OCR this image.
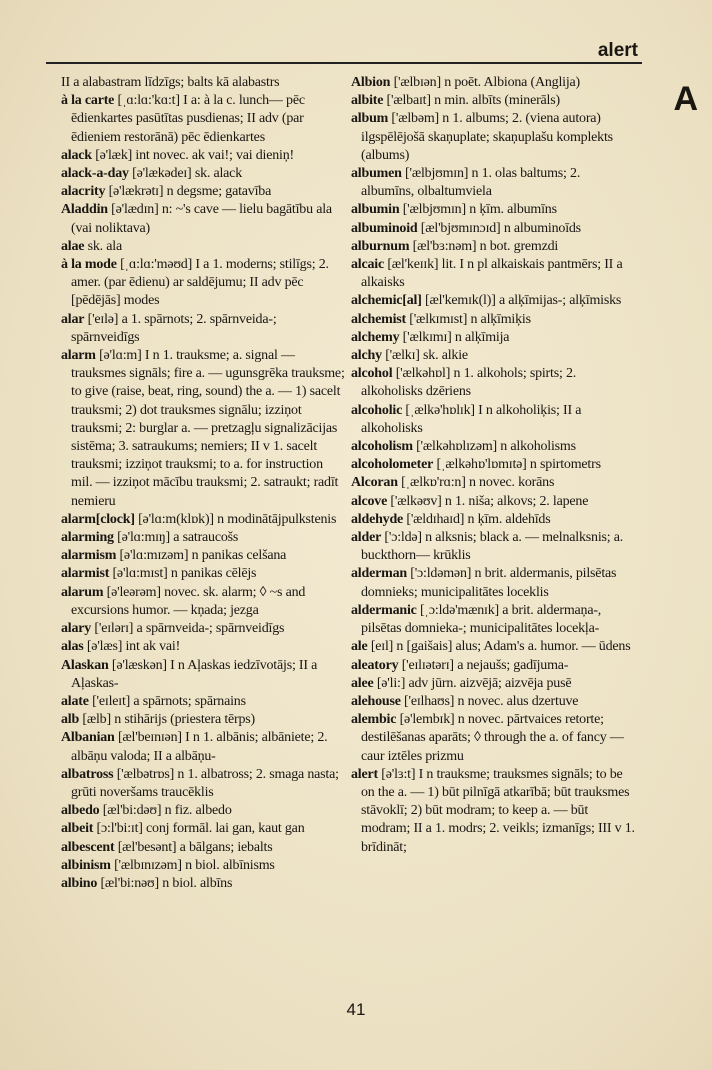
alert
A

II a alabastram līdzīgs; balts kā alabastrs

à la carte [ˌɑ:lɑ:'kɑ:t] I a: à la c. lunch— pēc ēdienkartes pasūtītas pusdienas; II adv (par ēdieniem restorānā) pēc ēdienkartes

alack [ə'læk] int novec. ak vai!; vai dieniņ!

alack-a-day [ə'lækədeɪ] sk. alack

alacrity [ə'lækrətɪ] n degsme; gatavība

Aladdin [ə'lædɪn] n: ~'s cave — lielu bagātību ala (vai noliktava)

alae sk. ala

à la mode [ˌɑ:lɑ:'məʊd] I a 1. moderns; stilīgs; 2. amer. (par ēdienu) ar saldējumu; II adv pēc [pēdējās] modes

alar ['eɪlə] a 1. spārnots; 2. spārnveida-; spārnveidīgs

alarm [ə'lɑ:m] I n 1. trauksme; a. signal — trauksmes signāls; fire a. — ugunsgrēka trauksme; to give (raise, beat, ring, sound) the a. — 1) sacelt trauksmi; 2) dot trauksmes signālu; izziņot trauksmi; 2: burglar a. — pretzagļu signalizācijas sistēma; 3. satraukums; nemiers; II v 1. sacelt trauksmi; izziņot trauksmi; to a. for instruction mil. — izziņot mācību trauksmi; 2. satraukt; radīt nemieru

alarm[clock] [ə'lɑ:m(klɒk)] n modinātājpulkstenis

alarming [ə'lɑ:mɪŋ] a satraucošs

alarmism [ə'lɑ:mɪzəm] n panikas celšana

alarmist [ə'lɑ:mɪst] n panikas cēlējs

alarum [ə'leərəm] novec. sk. alarm; ◊ ~s and excursions humor. — kņada; jezga

alary ['eɪlərɪ] a spārnveida-; spārnveidīgs

alas [ə'læs] int ak vai!

Alaskan [ə'læskən] I n Aļaskas iedzīvotājs; II a Aļaskas-

alate ['eɪleɪt] a spārnots; spārnains

alb [ælb] n stihārijs (priestera tērps)

Albanian [æl'beɪnɪən] I n 1. albānis; albāniete; 2. albāņu valoda; II a albāņu-

albatross ['ælbətrɒs] n 1. albatross; 2. smaga nasta; grūti noveršams traucēklis

albedo [æl'bi:dəʊ] n fiz. albedo

albeit [ɔ:l'bi:ɪt] conj formāl. lai gan, kaut gan

albescent [æl'besənt] a bālgans; iebalts

albinism ['ælbɪnɪzəm] n biol. albīnisms

albino [æl'bi:nəʊ] n biol. albīns

Albion ['ælbɪən] n poēt. Albiona (Anglija)

albite ['ælbaɪt] n min. albīts (minerāls)

album ['ælbəm] n 1. albums; 2. (viena autora) ilgspēlējošā skaņuplate; skaņuplašu komplekts (albums)

albumen ['ælbjʊmɪn] n 1. olas baltums; 2. albumīns, olbaltumviela

albumin ['ælbjʊmɪn] n ķīm. albumīns

albuminoid [æl'bjʊmɪnɔɪd] n albuminoīds

alburnum [æl'bɜ:nəm] n bot. gremzdi

alcaic [æl'keɪɪk] lit. I n pl alkaiskais pantmērs; II a alkaisks

alchemic[al] [æl'kemɪk(l)] a alķīmijas-; alķīmisks

alchemist ['ælkɪmɪst] n alķīmiķis

alchemy ['ælkɪmɪ] n alķīmija

alchy ['ælkɪ] sk. alkie

alcohol ['ælkəhɒl] n 1. alkohols; spirts; 2. alkoholisks dzēriens

alcoholic [ˌælkə'hɒlɪk] I n alkoholiķis; II a alkoholisks

alcoholism ['ælkəhɒlɪzəm] n alkoholisms

alcoholometer [ˌælkəhɒ'lɒmɪtə] n spirtometrs

Alcoran [ˌælkɒ'rɑ:n] n novec. korāns

alcove ['ælkəʊv] n 1. niša; alkovs; 2. lapene

aldehyde ['ældɪhaɪd] n ķīm. aldehīds

alder ['ɔ:ldə] n alksnis; black a. — melnalksnis; a. buckthorn— krūklis

alderman ['ɔ:ldəmən] n brit. aldermanis, pilsētas domnieks; municipalitātes loceklis

aldermanic [ˌɔ:ldə'mænɪk] a brit. aldermaņa-, pilsētas domnieka-; municipalitātes locekļa-

ale [eɪl] n [gaišais] alus; Adam's a. humor. — ūdens

aleatory ['eɪlɪətərɪ] a nejaušs; gadījuma-

alee [ə'li:] adv jūrn. aizvējā; aizvēja pusē

alehouse ['eɪlhaʊs] n novec. alus dzertuve

alembic [ə'lembɪk] n novec. pārtvaices retorte; destilēšanas aparāts; ◊ through the a. of fancy — caur iztēles prizmu

alert [ə'lɜ:t] I n trauksme; trauksmes signāls; to be on the a. — 1) būt pilnīgā atkarībā; būt trauksmes stāvoklī; 2) būt modram; to keep a. — būt modram; II a 1. modrs; 2. veikls; izmanīgs; III v 1. brīdināt;

41
